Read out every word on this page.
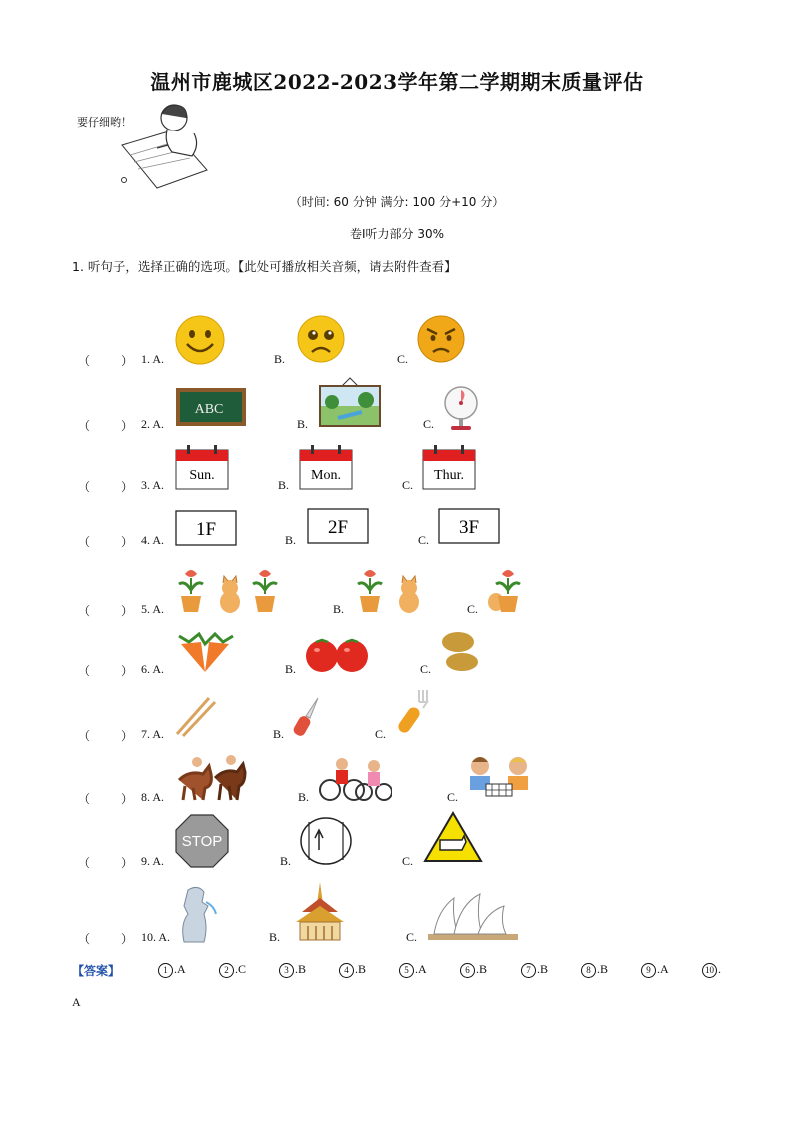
温州市鹿城区2022-2023学年第二学期期末质量评估
要仔细哟！
（时间: 60 分钟 满分: 100 分+10 分）
卷Ⅰ听力部分 30%
1. 听句子，选择正确的选项。【此处可播放相关音频，请去附件查看】
（	） 1. A.	B.	C.
（	） 2. A.
ABC
B.	C.
（	） 3. A.
Sun.
B.
Mon.
C.
Thur.
（	） 4. A. 1F	B.
2F
C.
3F
（	） 5. A.	B.	C.
（	） 6. A.	B.	C.
（	） 7. A.	B.	C.
（	） 8. A.	B.	C.
（	） 9. A.
STOP
B.	C.
（	） 10. A.	B.	C.
【答案】	1 .A	2 .C	3 .B	4 .B	5 .A	6 .B	7 .B	8 .B	9 .A	10 .
A
